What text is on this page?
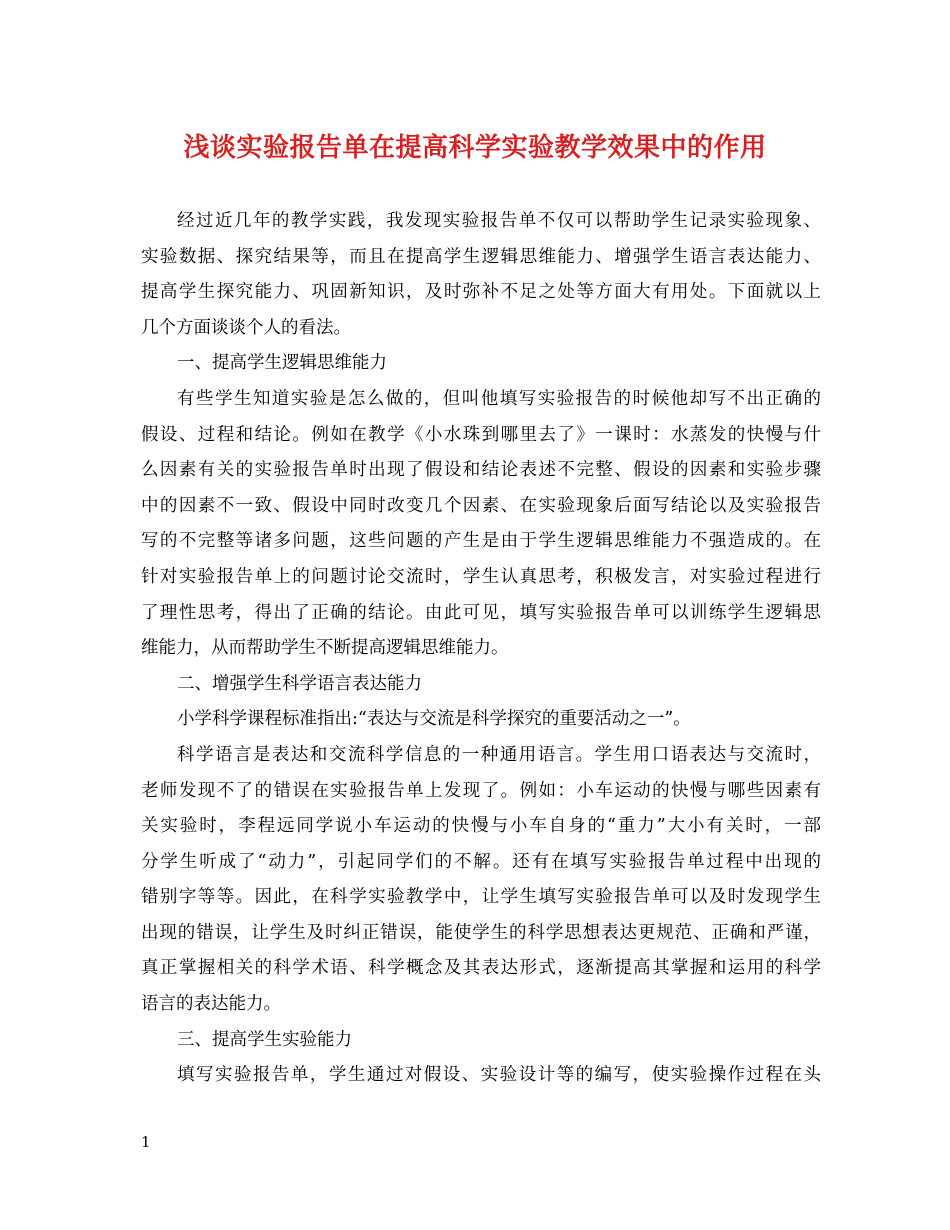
浅谈实验报告单在提高科学实验教学效果中的作用
经过近几年的教学实践，我发现实验报告单不仅可以帮助学生记录实验现象、
实验数据、探究结果等，而且在提高学生逻辑思维能力、增强学生语言表达能力、
提高学生探究能力、巩固新知识，及时弥补不足之处等方面大有用处。下面就以上
几个方面谈谈个人的看法。
一、提高学生逻辑思维能力
有些学生知道实验是怎么做的，但叫他填写实验报告的时候他却写不出正确的
假设、过程和结论。例如在教学《小水珠到哪里去了》一课时：水蒸发的快慢与什
么因素有关的实验报告单时出现了假设和结论表述不完整、假设的因素和实验步骤
中的因素不一致、假设中同时改变几个因素、在实验现象后面写结论以及实验报告
写的不完整等诸多问题，这些问题的产生是由于学生逻辑思维能力不强造成的。在
针对实验报告单上的问题讨论交流时，学生认真思考，积极发言，对实验过程进行
了理性思考，得出了正确的结论。由此可见，填写实验报告单可以训练学生逻辑思
维能力，从而帮助学生不断提高逻辑思维能力。
二、增强学生科学语言表达能力
小学科学课程标准指出:“表达与交流是科学探究的重要活动之一”。
科学语言是表达和交流科学信息的一种通用语言。学生用口语表达与交流时，
老师发现不了的错误在实验报告单上发现了。例如：小车运动的快慢与哪些因素有
关实验时，李程远同学说小车运动的快慢与小车自身的“重力”大小有关时，一部
分学生听成了“动力”，引起同学们的不解。还有在填写实验报告单过程中出现的
错别字等等。因此，在科学实验教学中，让学生填写实验报告单可以及时发现学生
出现的错误，让学生及时纠正错误，能使学生的科学思想表达更规范、正确和严谨，
真正掌握相关的科学术语、科学概念及其表达形式，逐渐提高其掌握和运用的科学
语言的表达能力。
三、提高学生实验能力
填写实验报告单，学生通过对假设、实验设计等的编写，使实验操作过程在头
1
